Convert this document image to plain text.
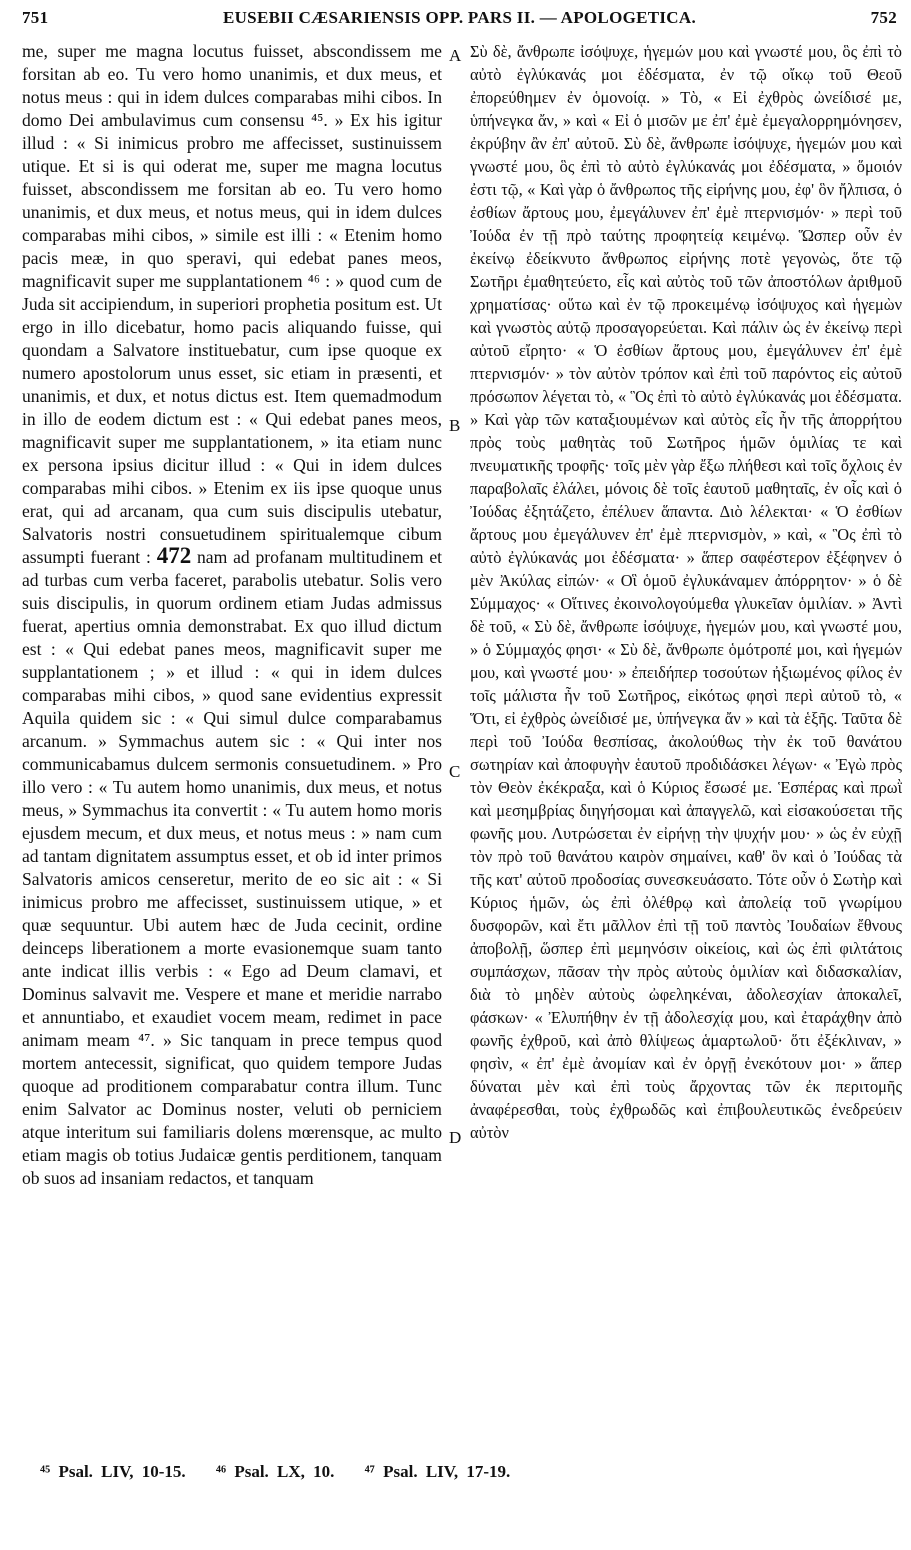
751	EUSEBII CÆSARIENSIS OPP. PARS II. — APOLOGETICA.	752

me, super me magna locutus fuisset, abscondissem me forsitan ab eo. Tu vero homo unanimis, et dux meus, et notus meus : qui in idem dulces comparabas mihi cibos. In domo Dei ambulavimus cum consensu ⁴⁵. » Ex his igitur illud : « Si inimicus probro me affecisset, sustinuissem utique. Et si is qui oderat me, super me magna locutus fuisset, abscondissem me forsitan ab eo. Tu vero homo unanimis, et dux meus, et notus meus, qui in idem dulces comparabas mihi cibos, » simile est illi : « Etenim homo pacis meæ, in quo speravi, qui edebat panes meos, magnificavit super me supplantationem ⁴⁶ : » quod cum de Juda sit accipiendum, in superiori prophetia positum est. Ut ergo in illo dicebatur, homo pacis aliquando fuisse, qui quondam a Salvatore instituebatur, cum ipse quoque ex numero apostolorum unus esset, sic etiam in præsenti, et unanimis, et dux, et notus dictus est. Item quemadmodum in illo de eodem dictum est : « Qui edebat panes meos, magnificavit super me supplantationem, » ita etiam nunc ex persona ipsius dicitur illud : « Qui in idem dulces comparabas mihi cibos. » Etenim ex iis ipse quoque unus erat, qui ad arcanam, qua cum suis discipulis utebatur, Salvatoris nostri consuetudinem spiritualemque cibum assumpti fuerant : 472 nam ad profanam multitudinem et ad turbas cum verba faceret, parabolis utebatur. Solis vero suis discipulis, in quorum ordinem etiam Judas admissus fuerat, apertius omnia demonstrabat. Ex quo illud dictum est : « Qui edebat panes meos, magnificavit super me supplantationem ; » et illud : « qui in idem dulces comparabas mihi cibos, » quod sane evidentius expressit Aquila quidem sic : « Qui simul dulce comparabamus arcanum. » Symmachus autem sic : « Qui inter nos communicabamus dulcem sermonis consuetudinem. » Pro illo vero : « Tu autem homo unanimis, dux meus, et notus meus, » Symmachus ita convertit : « Tu autem homo moris ejusdem mecum, et dux meus, et notus meus : » nam cum ad tantam dignitatem assumptus esset, et ob id inter primos Salvatoris amicos censeretur, merito de eo sic ait : « Si inimicus probro me affecisset, sustinuissem utique, » et quæ sequuntur. Ubi autem hæc de Juda cecinit, ordine deinceps liberationem a morte evasionemque suam tanto ante indicat illis verbis : « Ego ad Deum clamavi, et Dominus salvavit me. Vespere et mane et meridie narrabo et annuntiabo, et exaudiet vocem meam, redimet in pace animam meam ⁴⁷. » Sic tanquam in prece tempus quod mortem antecessit, significat, quo quidem tempore Judas quoque ad proditionem comparabatur contra illum. Tunc enim Salvator ac Dominus noster, veluti ob perniciem atque interitum sui familiaris dolens mœrensque, ac multo etiam magis ob totius Judaicæ gentis perditionem, tanquam ob suos ad insaniam redactos, et tanquam

A
B
C
D

Σὺ δὲ, ἄνθρωπε ἰσόψυχε, ἡγεμών μου καὶ γνωστέ μου, ὃς ἐπὶ τὸ αὐτὸ ἐγλύκανάς μοι ἐδέσματα, ἐν τῷ οἴκῳ τοῦ Θεοῦ ἐπορεύθημεν ἐν ὁμονοίᾳ. » Τὸ, « Εἰ ἐχθρὸς ὠνείδισέ με, ὑπήνεγκα ἄν, » καὶ « Εἰ ὁ μισῶν με ἐπ' ἐμὲ ἐμεγαλορρημόνησεν, ἐκρύβην ἂν ἐπ' αὐτοῦ. Σὺ δὲ, ἄνθρωπε ἰσόψυχε, ἡγεμών μου καὶ γνωστέ μου, ὃς ἐπὶ τὸ αὐτὸ ἐγλύκανάς μοι ἐδέσματα, » ὅμοιόν ἐστι τῷ, « Καὶ γὰρ ὁ ἄνθρωπος τῆς εἰρήνης μου, ἐφ' ὃν ἤλπισα, ὁ ἐσθίων ἄρτους μου, ἐμεγάλυνεν ἐπ' ἐμὲ πτερνισμόν· » περὶ τοῦ Ἰούδα ἐν τῇ πρὸ ταύτης προφητείᾳ κειμένῳ. Ὥσπερ οὖν ἐν ἐκείνῳ ἐδείκνυτο ἄνθρωπος εἰρήνης ποτὲ γεγονὼς, ὅτε τῷ Σωτῆρι ἐμαθητεύετο, εἷς καὶ αὐτὸς τοῦ τῶν ἀποστόλων ἀριθμοῦ χρηματίσας· οὕτω καὶ ἐν τῷ προκειμένῳ ἰσόψυχος καὶ ἡγεμὼν καὶ γνωστὸς αὐτῷ προσαγορεύεται. Καὶ πάλιν ὡς ἐν ἐκείνῳ περὶ αὐτοῦ εἴρητο· « Ὁ ἐσθίων ἄρτους μου, ἐμεγάλυνεν ἐπ' ἐμὲ πτερνισμόν· » τὸν αὐτὸν τρόπον καὶ ἐπὶ τοῦ παρόντος εἰς αὐτοῦ πρόσωπον λέγεται τὸ, « Ὃς ἐπὶ τὸ αὐτὸ ἐγλύκανάς μοι ἐδέσματα. » Καὶ γὰρ τῶν καταξιουμένων καὶ αὐτὸς εἷς ἦν τῆς ἀπορρήτου πρὸς τοὺς μαθητὰς τοῦ Σωτῆρος ἡμῶν ὁμιλίας τε καὶ πνευματικῆς τροφῆς· τοῖς μὲν γὰρ ἔξω πλήθεσι καὶ τοῖς ὄχλοις ἐν παραβολαῖς ἐλάλει, μόνοις δὲ τοῖς ἑαυτοῦ μαθηταῖς, ἐν οἷς καὶ ὁ Ἰούδας ἐξητάζετο, ἐπέλυεν ἅπαντα. Διὸ λέλεκται· « Ὁ ἐσθίων ἄρτους μου ἐμεγάλυνεν ἐπ' ἐμὲ πτερνισμὸν, » καὶ, « Ὃς ἐπὶ τὸ αὐτὸ ἐγλύκανάς μοι ἐδέσματα· » ἅπερ σαφέστερον ἐξέφηνεν ὁ μὲν Ἀκύλας εἰπών· « Οἳ ὁμοῦ ἐγλυκάναμεν ἀπόρρητον· » ὁ δὲ Σύμμαχος· « Οἵτινες ἐκοινολογούμεθα γλυκεῖαν ὁμιλίαν. » Ἀντὶ δὲ τοῦ, « Σὺ δὲ, ἄνθρωπε ἰσόψυχε, ἡγεμών μου, καὶ γνωστέ μου, » ὁ Σύμμαχός φησι· « Σὺ δὲ, ἄνθρωπε ὁμότροπέ μοι, καὶ ἡγεμών μου, καὶ γνωστέ μου· » ἐπειδήπερ τοσούτων ἠξιωμένος φίλος ἐν τοῖς μάλιστα ἦν τοῦ Σωτῆρος, εἰκότως φησὶ περὶ αὐτοῦ τὸ, « Ὅτι, εἰ ἐχθρὸς ὠνείδισέ με, ὑπήνεγκα ἄν » καὶ τὰ ἑξῆς. Ταῦτα δὲ περὶ τοῦ Ἰούδα θεσπίσας, ἀκολούθως τὴν ἐκ τοῦ θανάτου σωτηρίαν καὶ ἀποφυγὴν ἑαυτοῦ προδιδάσκει λέγων· « Ἐγὼ πρὸς τὸν Θεὸν ἐκέκραξα, καὶ ὁ Κύριος ἔσωσέ με. Ἑσπέρας καὶ πρωῒ καὶ μεσημβρίας διηγήσομαι καὶ ἀπαγγελῶ, καὶ εἰσακούσεται τῆς φωνῆς μου. Λυτρώσεται ἐν εἰρήνῃ τὴν ψυχήν μου· » ὡς ἐν εὐχῇ τὸν πρὸ τοῦ θανάτου καιρὸν σημαίνει, καθ' ὃν καὶ ὁ Ἰούδας τὰ τῆς κατ' αὐτοῦ προδοσίας συνεσκευάσατο. Τότε οὖν ὁ Σωτὴρ καὶ Κύριος ἡμῶν, ὡς ἐπὶ ὀλέθρῳ καὶ ἀπολείᾳ τοῦ γνωρίμου δυσφορῶν, καὶ ἔτι μᾶλλον ἐπὶ τῇ τοῦ παντὸς Ἰουδαίων ἔθνους ἀποβολῇ, ὥσπερ ἐπὶ μεμηνόσιν οἰκείοις, καὶ ὡς ἐπὶ φιλτάτοις συμπάσχων, πᾶσαν τὴν πρὸς αὐτοὺς ὁμιλίαν καὶ διδασκαλίαν, διὰ τὸ μηδὲν αὐτοὺς ὠφεληκέναι, ἀδολεσχίαν ἀποκαλεῖ, φάσκων· « Ἐλυπήθην ἐν τῇ ἀδολεσχίᾳ μου, καὶ ἐταράχθην ἀπὸ φωνῆς ἐχθροῦ, καὶ ἀπὸ θλίψεως ἁμαρτωλοῦ· ὅτι ἐξέκλιναν, » φησὶν, « ἐπ' ἐμὲ ἀνομίαν καὶ ἐν ὀργῇ ἐνεκότουν μοι· » ἅπερ δύναται μὲν καὶ ἐπὶ τοὺς ἄρχοντας τῶν ἐκ περιτομῆς ἀναφέρεσθαι, τοὺς ἐχθρωδῶς καὶ ἐπιβουλευτικῶς ἐνεδρεύειν αὐτὸν

⁴⁵ Psal. LIV, 10-15. ⁴⁶ Psal. LX, 10. ⁴⁷ Psal. LIV, 17-19.
